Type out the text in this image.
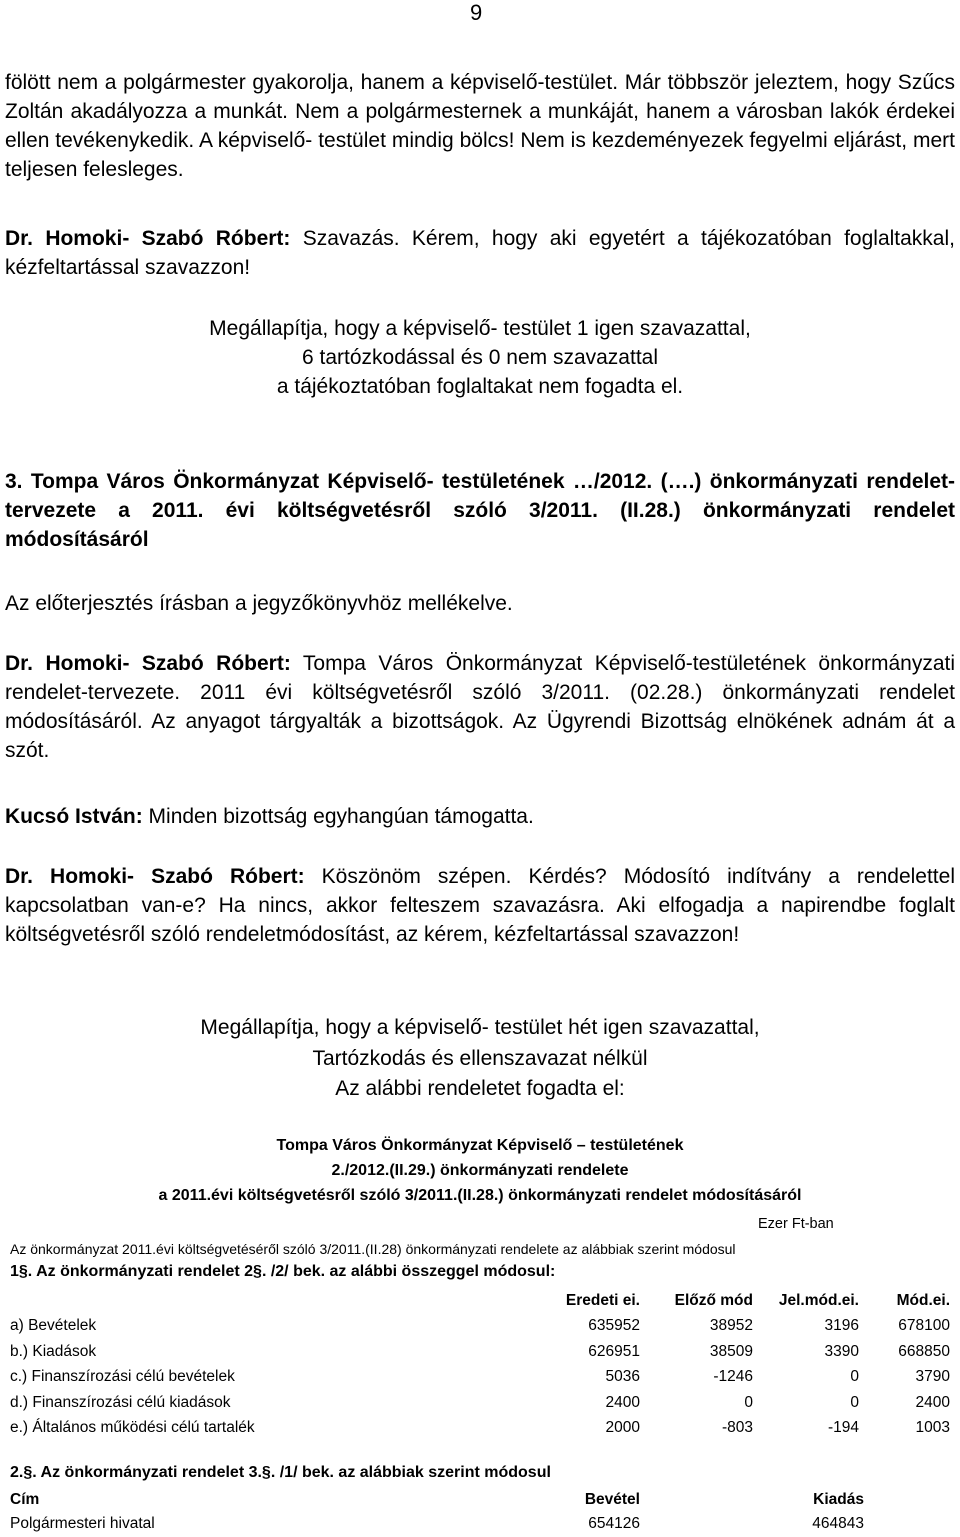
9
fölött nem a polgármester gyakorolja, hanem a képviselő-testület. Már többször jeleztem, hogy Szűcs Zoltán akadályozza a munkát. Nem a polgármesternek a munkáját, hanem a városban lakók érdekei ellen tevékenykedik. A képviselő- testület mindig bölcs! Nem is kezdeményezek fegyelmi eljárást, mert teljesen felesleges.
Dr. Homoki- Szabó Róbert: Szavazás. Kérem, hogy aki egyetért a tájékozatóban foglaltakkal, kézfeltartással szavazzon!
Megállapítja, hogy a képviselő- testület 1 igen szavazattal,
6 tartózkodással és 0 nem szavazattal
a tájékoztatóban foglaltakat nem fogadta el.
3. Tompa Város Önkormányzat Képviselő- testületének …/2012. (….) önkormányzati rendelet-tervezete a 2011. évi költségvetésről szóló 3/2011. (II.28.) önkormányzati rendelet módosításáról
Az előterjesztés írásban a jegyzőkönyvhöz mellékelve.
Dr. Homoki- Szabó Róbert: Tompa Város Önkormányzat Képviselő-testületének önkormányzati rendelet-tervezete. 2011 évi költségvetésről szóló 3/2011. (02.28.) önkormányzati rendelet módosításáról. Az anyagot tárgyalták a bizottságok. Az Ügyrendi Bizottság elnökének adnám át a szót.
Kucsó István: Minden bizottság egyhangúan támogatta.
Dr. Homoki- Szabó Róbert: Köszönöm szépen. Kérdés? Módosító indítvány a rendelettel kapcsolatban van-e? Ha nincs, akkor felteszem szavazásra. Aki elfogadja a napirendbe foglalt költségvetésről szóló rendeletmódosítást, az kérem, kézfeltartással szavazzon!
Megállapítja, hogy a képviselő- testület hét igen szavazattal,
Tartózkodás és ellenszavazat nélkül
Az alábbi rendeletet fogadta el:
Tompa Város Önkormányzat Képviselő – testületének
2./2012.(II.29.) önkormányzati rendelete
a 2011.évi költségvetésről szóló 3/2011.(II.28.) önkormányzati rendelet módosításáról
Ezer Ft-ban
Az önkormányzat 2011.évi költségvetéséről szóló 3/2011.(II.28) önkormányzati rendelete az alábbiak szerint módosul
1§. Az önkormányzati rendelet 2§. /2/ bek. az alábbi összeggel módosul:
	Eredeti ei.	Előző mód	Jel.mód.ei.	Mód.ei.
a) Bevételek	635952	38952	3196	678100
b.) Kiadások	626951	38509	3390	668850
c.) Finanszírozási célú bevételek	5036	-1246	0	3790
d.) Finanszírozási célú kiadások	2400	0	0	2400
e.) Általános működési célú tartalék	2000	-803	-194	1003
2.§. Az önkormányzati rendelet 3.§. /1/ bek. az alábbiak szerint módosul
Cím	Bevétel	Kiadás
Polgármesteri hivatal	654126	464843
